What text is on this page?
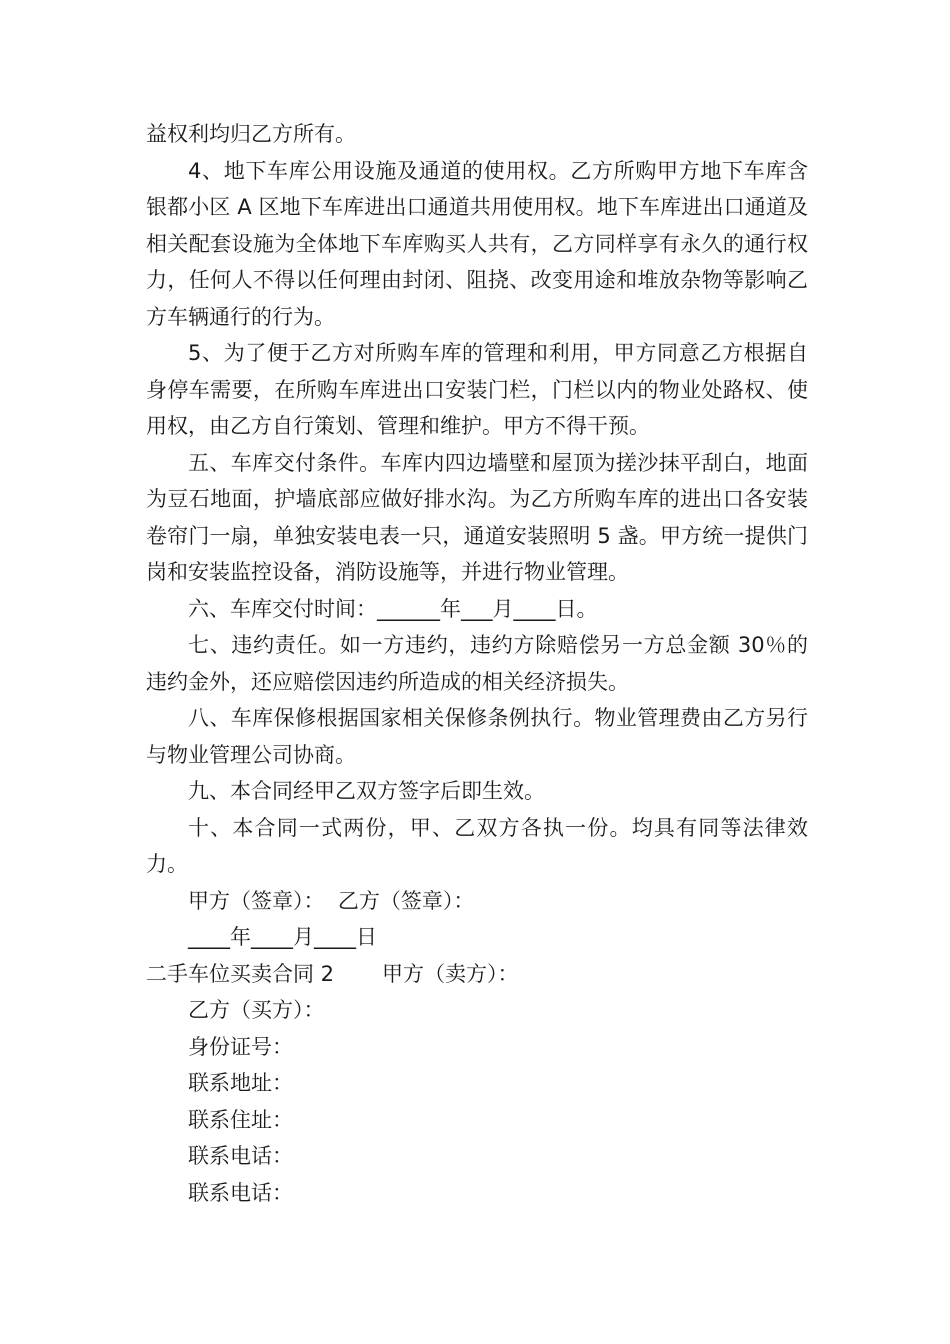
益权利均归乙方所有。

4、地下车库公用设施及通道的使用权。乙方所购甲方地下车库含银都小区 A 区地下车库进出口通道共用使用权。地下车库进出口通道及相关配套设施为全体地下车库购买人共有，乙方同样享有永久的通行权力，任何人不得以任何理由封闭、阻挠、改变用途和堆放杂物等影响乙方车辆通行的行为。

5、为了便于乙方对所购车库的管理和利用，甲方同意乙方根据自身停车需要，在所购车库进出口安装门栏，门栏以内的物业处路权、使用权，由乙方自行策划、管理和维护。甲方不得干预。

五、车库交付条件。车库内四边墙壁和屋顶为搓沙抹平刮白，地面为豆石地面，护墙底部应做好排水沟。为乙方所购车库的进出口各安装卷帘门一扇，单独安装电表一只，通道安装照明 5 盏。甲方统一提供门岗和安装监控设备，消防设施等，并进行物业管理。

六、车库交付时间：______年___月____日。

七、违约责任。如一方违约，违约方除赔偿另一方总金额 30％的违约金外，还应赔偿因违约所造成的相关经济损失。

八、车库保修根据国家相关保修条例执行。物业管理费由乙方另行与物业管理公司协商。

九、本合同经甲乙双方签字后即生效。

十、本合同一式两份，甲、乙双方各执一份。均具有同等法律效力。

甲方（签章）：  乙方（签章）：

____年____月____日

二手车位买卖合同 2 甲方（卖方）：

乙方（买方）：

身份证号：

联系地址：

联系住址：

联系电话：

联系电话：
